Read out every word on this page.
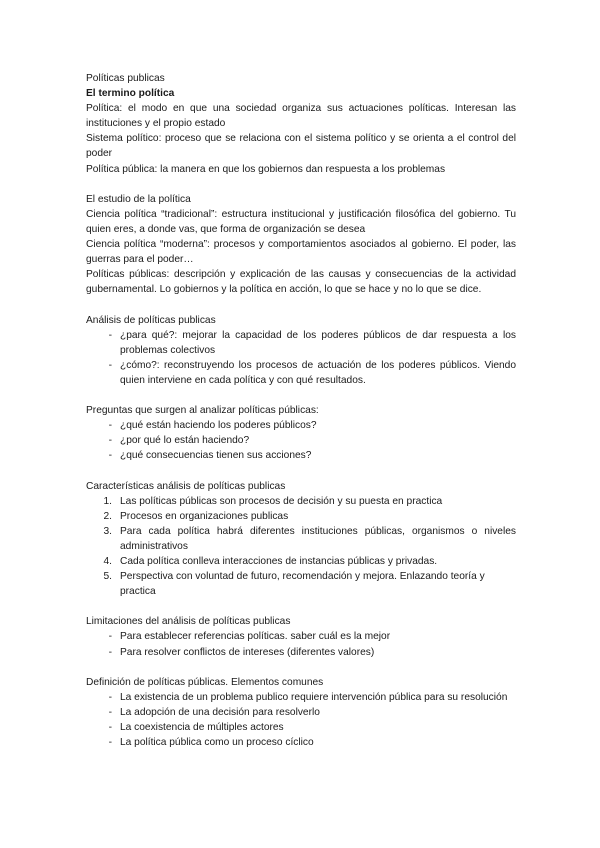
Políticas publicas
El termino política
Política: el modo en que una sociedad organiza sus actuaciones políticas. Interesan las instituciones y el propio estado
Sistema político: proceso que se relaciona con el sistema político y se orienta a el control del poder
Política pública: la manera en que los gobiernos dan respuesta a los problemas
El estudio de la política
Ciencia política “tradicional”: estructura institucional y justificación filosófica del gobierno. Tu quien eres, a donde vas, que forma de organización se desea
Ciencia política “moderna”: procesos y comportamientos asociados al gobierno. El poder, las guerras para el poder…
Políticas públicas: descripción y explicación de las causas y consecuencias de la actividad gubernamental. Lo gobiernos y la política en acción, lo que se hace y no lo que se dice.
Análisis de políticas publicas
- ¿para qué?: mejorar la capacidad de los poderes públicos de dar respuesta a los problemas colectivos
- ¿cómo?: reconstruyendo los procesos de actuación de los poderes públicos. Viendo quien interviene en cada política y con qué resultados.
Preguntas que surgen al analizar políticas públicas:
- ¿qué están haciendo los poderes públicos?
- ¿por qué lo están haciendo?
- ¿qué consecuencias tienen sus acciones?
Características análisis de políticas publicas
1. Las políticas públicas son procesos de decisión y su puesta en practica
2. Procesos en organizaciones publicas
3. Para cada política habrá diferentes instituciones públicas, organismos o niveles administrativos
4. Cada política conlleva interacciones de instancias públicas y privadas.
5. Perspectiva con voluntad de futuro, recomendación y mejora. Enlazando teoría y practica
Limitaciones del análisis de políticas publicas
- Para establecer referencias políticas. saber cuál es la mejor
- Para resolver conflictos de intereses (diferentes valores)
Definición de políticas públicas. Elementos comunes
- La existencia de un problema publico requiere intervención pública para su resolución
- La adopción de una decisión para resolverlo
- La coexistencia de múltiples actores
- La política pública como un proceso cíclico
